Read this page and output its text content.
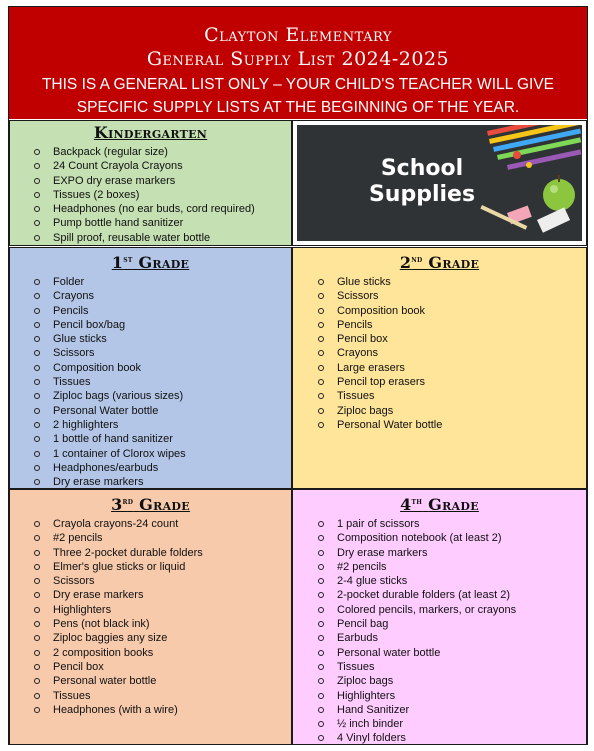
Clayton Elementary
General Supply List 2024-2025
THIS IS A GENERAL LIST ONLY – YOUR CHILD'S TEACHER WILL GIVE SPECIFIC SUPPLY LISTS AT THE BEGINNING OF THE YEAR.
Kindergarten
Backpack (regular size)
24 Count Crayola Crayons
EXPO dry erase markers
Tissues (2 boxes)
Headphones (no ear buds, cord required)
Pump bottle hand sanitizer
Spill proof, reusable water bottle
School
Supplies
1st Grade
Folder
Crayons
Pencils
Pencil box/bag
Glue sticks
Scissors
Composition book
Tissues
Ziploc bags (various sizes)
Personal Water bottle
2 highlighters
1 bottle of hand sanitizer
1 container of Clorox wipes
Headphones/earbuds
Dry erase markers
2nd Grade
Glue sticks
Scissors
Composition book
Pencils
Pencil box
Crayons
Large erasers
Pencil top erasers
Tissues
Ziploc bags
Personal Water bottle
3rd Grade
Crayola crayons-24 count
#2 pencils
Three 2-pocket durable folders
Elmer's glue sticks or liquid
Scissors
Dry erase markers
Highlighters
Pens (not black ink)
Ziploc baggies any size
2 composition books
Pencil box
Personal water bottle
Tissues
Headphones (with a wire)
4th Grade
1 pair of scissors
Composition notebook (at least 2)
Dry erase markers
#2 pencils
2-4 glue sticks
2-pocket durable folders (at least 2)
Colored pencils, markers, or crayons
Pencil bag
Earbuds
Personal water bottle
Tissues
Ziploc bags
Highlighters
Hand Sanitizer
½ inch binder
4 Vinyl folders
